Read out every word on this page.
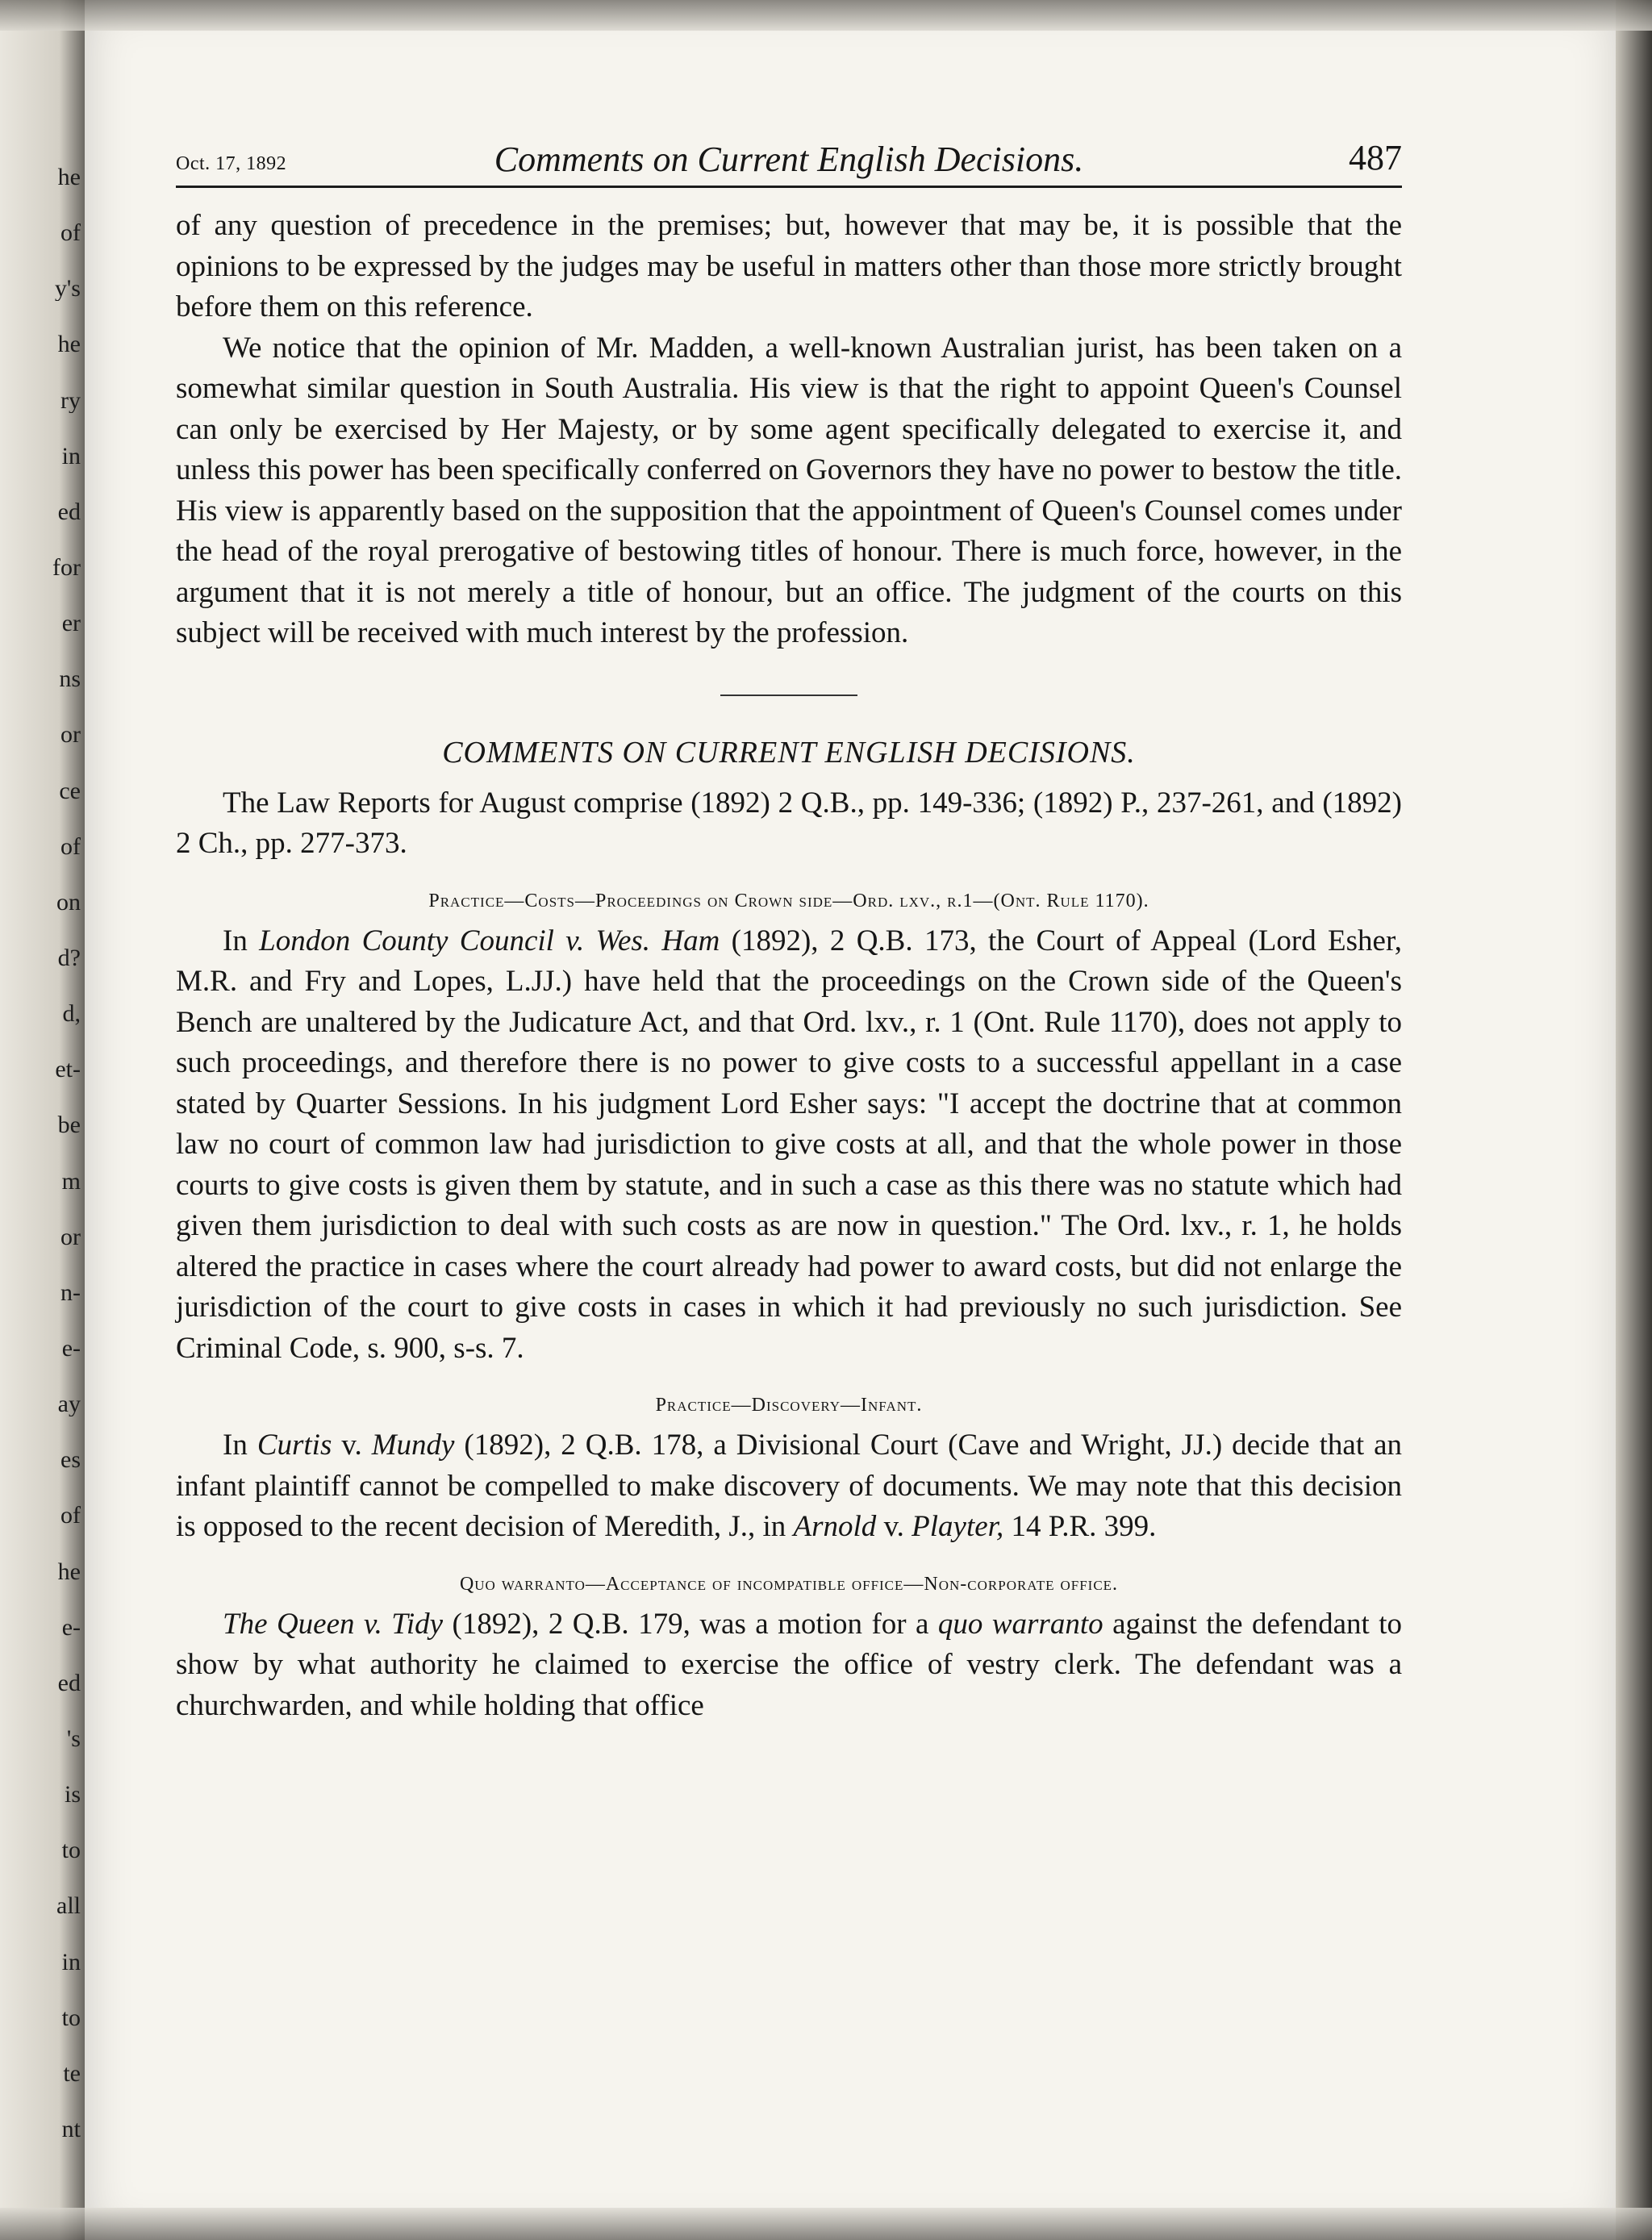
he
of
y's
he
ry
in
ed
for
er
ns
or
ce
of
on
d?
d,
et-
be
m
or
n-
e-
ay
es
of
he
e-
ed
's
is
to
all
in
to
te
nt
Oct. 17, 1892	Comments on Current English Decisions.	487

of any question of precedence in the premises; but, however that may be, it is possible that the opinions to be expressed by the judges may be useful in matters other than those more strictly brought before them on this reference.

We notice that the opinion of Mr. Madden, a well-known Australian jurist, has been taken on a somewhat similar question in South Australia. His view is that the right to appoint Queen's Counsel can only be exercised by Her Majesty, or by some agent specifically delegated to exercise it, and unless this power has been specifically conferred on Governors they have no power to bestow the title. His view is apparently based on the supposition that the appointment of Queen's Counsel comes under the head of the royal prerogative of bestowing titles of honour. There is much force, however, in the argument that it is not merely a title of honour, but an office. The judgment of the courts on this subject will be received with much interest by the profession.

COMMENTS ON CURRENT ENGLISH DECISIONS.

The Law Reports for August comprise (1892) 2 Q.B., pp. 149-336; (1892) P., 237-261, and (1892) 2 Ch., pp. 277-373.

Practice—Costs—Proceedings on Crown side—Ord. lxv., r.1—(Ont. Rule 1170).

In London County Council v. Wes. Ham (1892), 2 Q.B. 173, the Court of Appeal (Lord Esher, M.R. and Fry and Lopes, L.JJ.) have held that the proceedings on the Crown side of the Queen's Bench are unaltered by the Judicature Act, and that Ord. lxv., r. 1 (Ont. Rule 1170), does not apply to such proceedings, and therefore there is no power to give costs to a successful appellant in a case stated by Quarter Sessions. In his judgment Lord Esher says: "I accept the doctrine that at common law no court of common law had jurisdiction to give costs at all, and that the whole power in those courts to give costs is given them by statute, and in such a case as this there was no statute which had given them jurisdiction to deal with such costs as are now in question." The Ord. lxv., r. 1, he holds altered the practice in cases where the court already had power to award costs, but did not enlarge the jurisdiction of the court to give costs in cases in which it had previously no such jurisdiction. See Criminal Code, s. 900, s-s. 7.

Practice—Discovery—Infant.

In Curtis v. Mundy (1892), 2 Q.B. 178, a Divisional Court (Cave and Wright, JJ.) decide that an infant plaintiff cannot be compelled to make discovery of documents. We may note that this decision is opposed to the recent decision of Meredith, J., in Arnold v. Playter, 14 P.R. 399.

Quo warranto—Acceptance of incompatible office—Non-corporate office.

The Queen v. Tidy (1892), 2 Q.B. 179, was a motion for a quo warranto against the defendant to show by what authority he claimed to exercise the office of vestry clerk. The defendant was a churchwarden, and while holding that office
